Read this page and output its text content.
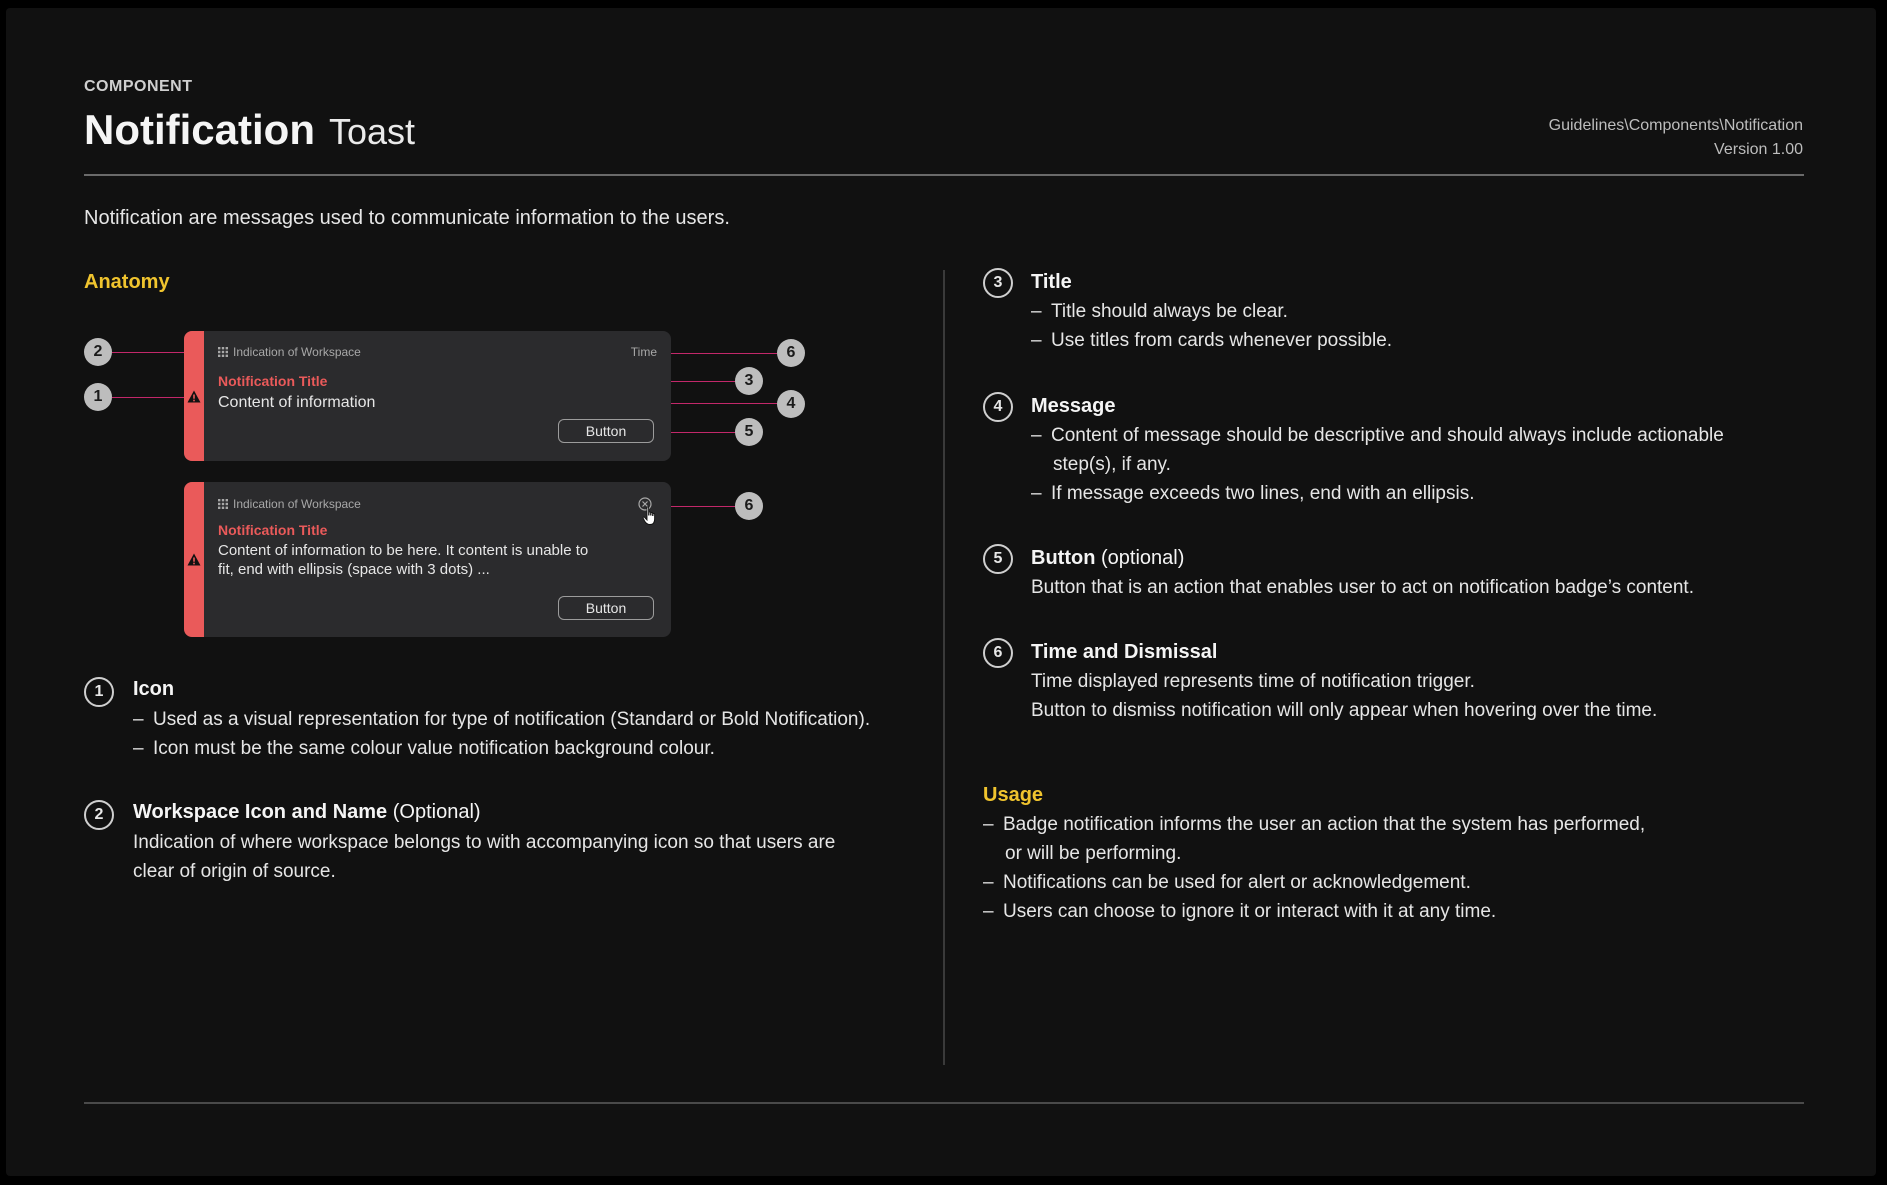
COMPONENT
Notification Toast	Guidelines\Components\Notification
Version 1.00
Notification are messages used to communicate information to the users.
Anatomy
Indication of Workspace	Time
Notification Title
Content of information
Button
Indication of Workspace
Notification Title
Content of information to be here. It content is unable to
fit, end with ellipsis (space with 3 dots) ...
Button
2
1
6
3
4
5
6
1	Icon
– Used as a visual representation for type of notification (Standard or Bold Notification).
– Icon must be the same colour value notification background colour.
2	Workspace Icon and Name (Optional)
Indication of where workspace belongs to with accompanying icon so that users are
clear of origin of source.
3	Title
– Title should always be clear.
– Use titles from cards whenever possible.
4	Message
– Content of message should be descriptive and should always include actionable
step(s), if any.
– If message exceeds two lines, end with an ellipsis.
5	Button (optional)
Button that is an action that enables user to act on notification badge’s content.
6	Time and Dismissal
Time displayed represents time of notification trigger.
Button to dismiss notification will only appear when hovering over the time.
Usage
– Badge notification informs the user an action that the system has performed,
or will be performing.
– Notifications can be used for alert or acknowledgement.
– Users can choose to ignore it or interact with it at any time.
